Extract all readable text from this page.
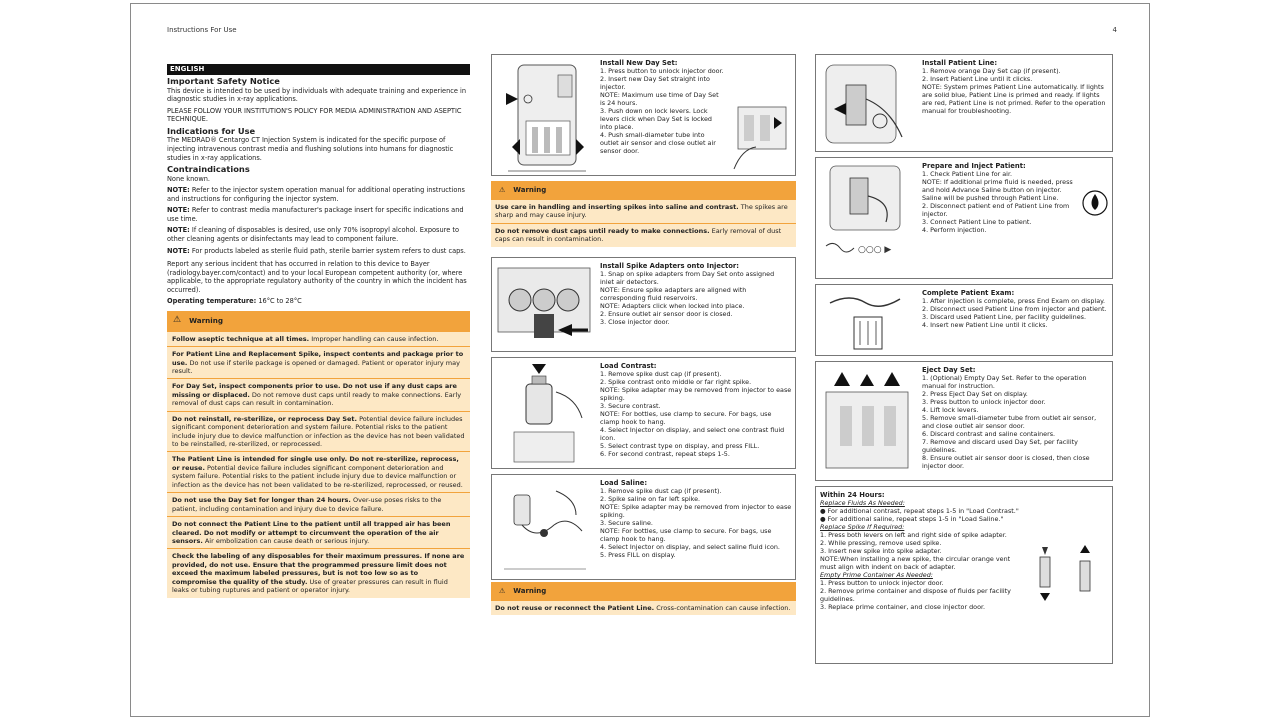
Instructions For Use	4
ENGLISH
Important Safety Notice
This device is intended to be used by individuals with adequate training and experience in diagnostic studies in x-ray applications.
PLEASE FOLLOW YOUR INSTITUTION'S POLICY FOR MEDIA ADMINISTRATION AND ASEPTIC TECHNIQUE.
Indications for Use
The MEDRAD® Centargo CT Injection System is indicated for the specific purpose of injecting intravenous contrast media and flushing solutions into humans for diagnostic studies in x-ray applications.
Contraindications
None known.
NOTE: Refer to the injector system operation manual for additional operating instructions and instructions for configuring the injector system.
NOTE: Refer to contrast media manufacturer's package insert for specific indications and use time.
NOTE: If cleaning of disposables is desired, use only 70% isopropyl alcohol. Exposure to other cleaning agents or disinfectants may lead to component failure.
NOTE: For products labeled as sterile fluid path, sterile barrier system refers to dust caps.
Report any serious incident that has occurred in relation to this device to Bayer (radiology.bayer.com/contact) and to your local European competent authority (or, where applicable, to the appropriate regulatory authority of the country in which the incident has occurred).
Operating temperature: 16°C to 28°C
⚠ Warning
Follow aseptic technique at all times. Improper handling can cause infection.
For Patient Line and Replacement Spike, inspect contents and package prior to use. Do not use if sterile package is opened or damaged. Patient or operator injury may result.
For Day Set, inspect components prior to use. Do not use if any dust caps are missing or displaced. Do not remove dust caps until ready to make connections. Early removal of dust caps can result in contamination.
Do not reinstall, re-sterilize, or reprocess Day Set. Potential device failure includes significant component deterioration and system failure. Potential risks to the patient include injury due to device malfunction or infection as the device has not been validated to be reinstalled, re-sterilized, or reprocessed.
The Patient Line is intended for single use only. Do not re-sterilize, reprocess, or reuse. Potential device failure includes significant component deterioration and system failure. Potential risks to the patient include injury due to device malfunction or infection as the device has not been validated to be re-sterilized, reprocessed, or reused.
Do not use the Day Set for longer than 24 hours. Over-use poses risks to the patient, including contamination and injury due to device failure.
Do not connect the Patient Line to the patient until all trapped air has been cleared. Do not modify or attempt to circumvent the operation of the air sensors. Air embolization can cause death or serious injury.
Check the labeling of any disposables for their maximum pressures. If none are provided, do not use. Ensure that the programmed pressure limit does not exceed the maximum labeled pressures, but is not too low so as to compromise the quality of the study. Use of greater pressures can result in fluid leaks or tubing ruptures and patient or operator injury.
Install New Day Set:
1. Press button to unlock injector door.
2. Insert new Day Set straight into injector.
NOTE: Maximum use time of Day Set is 24 hours.
3. Push down on lock levers. Lock levers click when Day Set is locked into place.
4. Push small-diameter tube into outlet air sensor and close outlet air sensor door.
⚠ Warning
Use care in handling and inserting spikes into saline and contrast. The spikes are sharp and may cause injury.
Do not remove dust caps until ready to make connections. Early removal of dust caps can result in contamination.
Install Spike Adapters onto Injector:
1. Snap on spike adapters from Day Set onto assigned inlet air detectors.
NOTE: Ensure spike adapters are aligned with corresponding fluid reservoirs.
NOTE: Adapters click when locked into place.
2. Ensure outlet air sensor door is closed.
3. Close injector door.
Load Contrast:
1. Remove spike dust cap (if present).
2. Spike contrast onto middle or far right spike.
NOTE: Spike adapter may be removed from injector to ease spiking.
3. Secure contrast.
NOTE: For bottles, use clamp to secure. For bags, use clamp hook to hang.
4. Select Injector on display, and select one contrast fluid icon.
5. Select contrast type on display, and press FILL.
6. For second contrast, repeat steps 1-5.
Load Saline:
1. Remove spike dust cap (if present).
2. Spike saline on far left spike.
NOTE: Spike adapter may be removed from injector to ease spiking.
3. Secure saline.
NOTE: For bottles, use clamp to secure. For bags, use clamp hook to hang.
4. Select Injector on display, and select saline fluid icon.
5. Press FILL on display.
⚠ Warning
Do not reuse or reconnect the Patient Line. Cross-contamination can cause infection.
Install Patient Line:
1. Remove orange Day Set cap (if present).
2. Insert Patient Line until it clicks.
NOTE: System primes Patient Line automatically. If lights are solid blue, Patient Line is primed and ready. If lights are red, Patient Line is not primed. Refer to the operation manual for troubleshooting.
○○○ ▶
Prepare and Inject Patient:
1. Check Patient Line for air.
NOTE: If additional prime fluid is needed, press and hold Advance Saline button on injector. Saline will be pushed through Patient Line.
2. Disconnect patient end of Patient Line from injector.
3. Connect Patient Line to patient.
4. Perform injection.
Complete Patient Exam:
1. After injection is complete, press End Exam on display.
2. Disconnect used Patient Line from injector and patient.
3. Discard used Patient Line, per facility guidelines.
4. Insert new Patient Line until it clicks.
Eject Day Set:
1. (Optional) Empty Day Set. Refer to the operation manual for instruction.
2. Press Eject Day Set on display.
3. Press button to unlock injector door.
4. Lift lock levers.
5. Remove small-diameter tube from outlet air sensor, and close outlet air sensor door.
6. Discard contrast and saline containers.
7. Remove and discard used Day Set, per facility guidelines.
8. Ensure outlet air sensor door is closed, then close injector door.
Within 24 Hours:
Replace Fluids As Needed:
● For additional contrast, repeat steps 1-5 in "Load Contrast."
● For additional saline, repeat steps 1-5 in "Load Saline."
Replace Spike If Required:
1. Press both levers on left and right side of spike adapter.
2. While pressing, remove used spike.
3. Insert new spike into spike adapter.
NOTE:When installing a new spike, the circular orange vent must align with indent on back of adapter.
Empty Prime Container As Needed:
1. Press button to unlock injector door.
2. Remove prime container and dispose of fluids per facility guidelines.
3. Replace prime container, and close injector door.
